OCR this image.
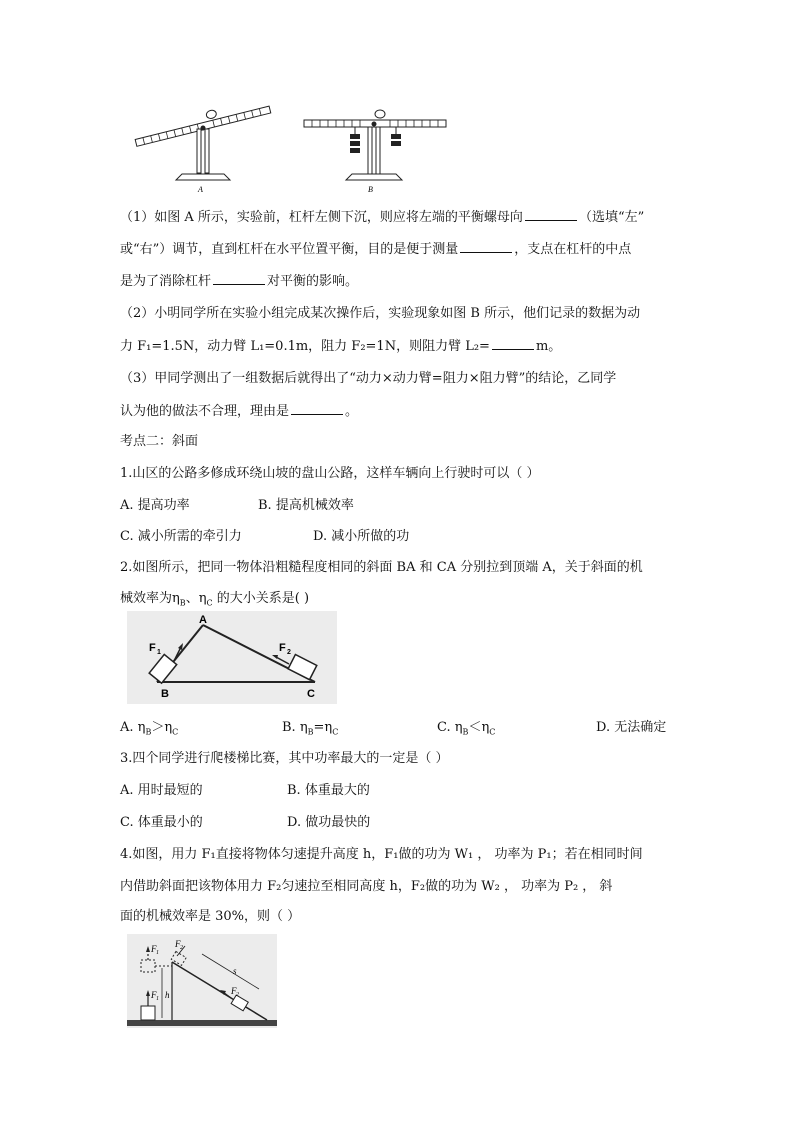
A	B
（1）如图 A 所示，实验前，杠杆左侧下沉，则应将左端的平衡螺母向	（选填“左”
或“右”）调节，直到杠杆在水平位置平衡，目的是便于测量	，支点在杠杆的中点
是为了消除杠杆	对平衡的影响。
（2）小明同学所在实验小组完成某次操作后，实验现象如图 B 所示，他们记录的数据为动
力 F₁=1.5N，动力臂 L₁=0.1m，阻力 F₂=1N，则阻力臂 L₂=	m。
（3）甲同学测出了一组数据后就得出了“动力×动力臂=阻力×阻力臂”的结论，乙同学
认为他的做法不合理，理由是	。
考点二：斜面
1.山区的公路多修成环绕山坡的盘山公路，这样车辆向上行驶时可以（ ）
A. 提高功率	B. 提高机械效率
C. 减小所需的牵引力	D. 减小所做的功
2.如图所示，把同一物体沿粗糙程度相同的斜面 BA 和 CA 分别拉到顶端 A，关于斜面的机
械效率为$\eta_B$、$\eta_C$ 的大小关系是( )
A
B	C
F 1	F 2
A. $\eta_B>\eta_C$	B. $\eta_B=\eta_C$	C. $\eta_B<\eta_C$	D. 无法确定
3.四个同学进行爬楼梯比赛，其中功率最大的一定是（ ）
A. 用时最短的	B. 体重最大的
C. 体重最小的	D. 做功最快的
4.如图，用力 F₁直接将物体匀速提升高度 h，F₁做的功为 W₁ ， 功率为 P₁；若在相同时间
内借助斜面把该物体用力 F₂匀速拉至相同高度 h，F₂做的功为 W₂ ， 功率为 P₂ ， 斜
面的机械效率是 30%，则（ ）
F 1
F 1
F 2
F 2
h
s
